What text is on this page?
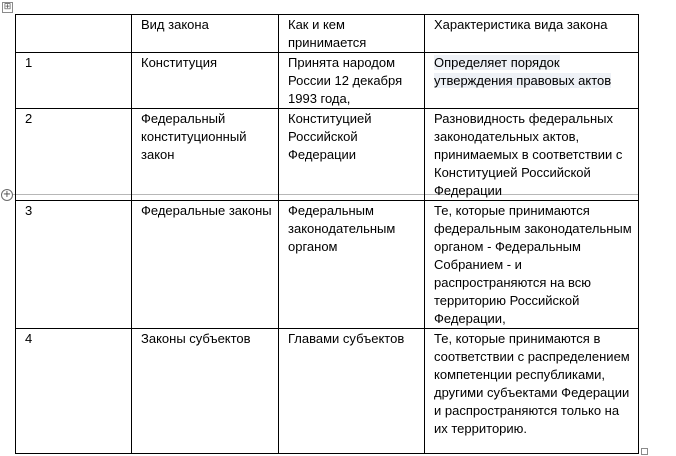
⊞
+
	Вид закона	Как и кем принимается	Характеристика вида закона
1	Конституция	Принята народом России 12 декабря 1993 года,	Определяет порядок утверждения правовых актов
2	Федеральный конституционный закон	Конституцией Российской Федерации	Разновидность федеральных законодательных актов, принимаемых в соответствии с Конституцией Российской Федерации
3	Федеральные законы	Федеральным законодательным органом	Те, которые принимаются федеральным законодательным органом - Федеральным Собранием - и распространяются на всю территорию Российской Федерации,
4	Законы субъектов	Главами субъектов	Те, которые принимаются в соответствии с распределением компетенции республиками, другими субъектами Федерации и распространяются только на их территорию.
